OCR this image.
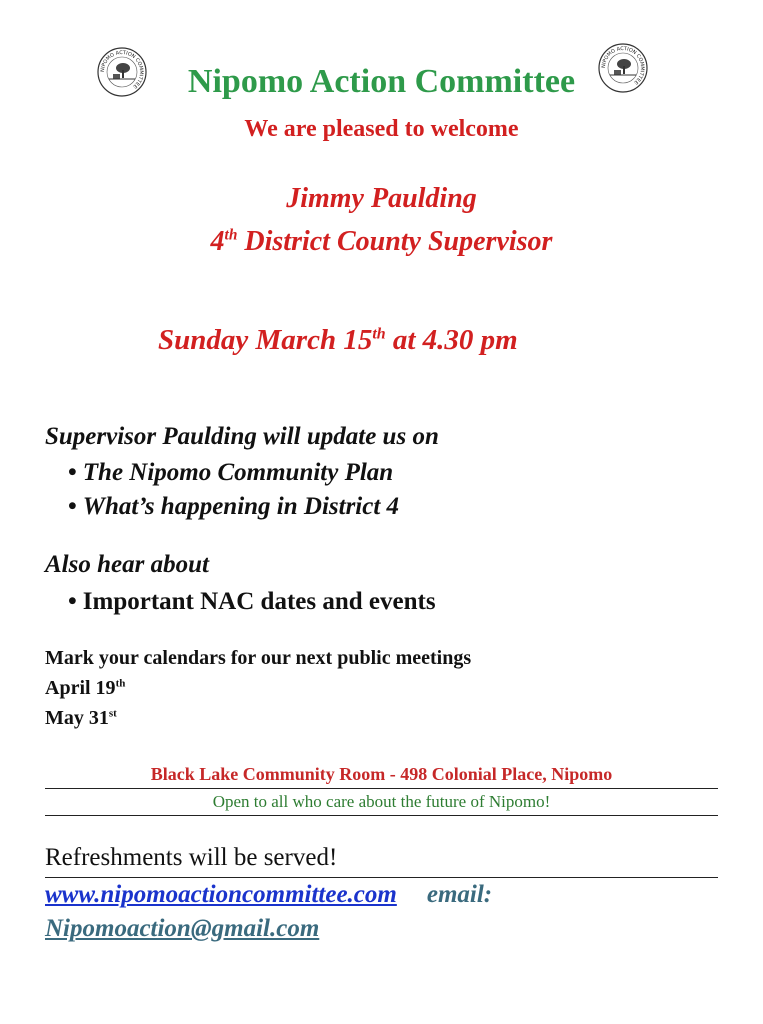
NIPOMO ACTION COMMITTEE
NIPOMO ACTION COMMITTEE
Nipomo Action Committee
We are pleased to welcome
Jimmy Paulding
4th District County Supervisor
Sunday March 15th at 4.30 pm
Supervisor Paulding will update us on
• The Nipomo Community Plan
• What’s happening in District 4
Also hear about
• Important NAC dates and events
Mark your calendars for our next public meetings
April 19th
May 31st
Black Lake Community Room - 498 Colonial Place, Nipomo
Open to all who care about the future of Nipomo!
Refreshments will be served!
www.nipomoactioncommittee.com email:
Nipomoaction@gmail.com
